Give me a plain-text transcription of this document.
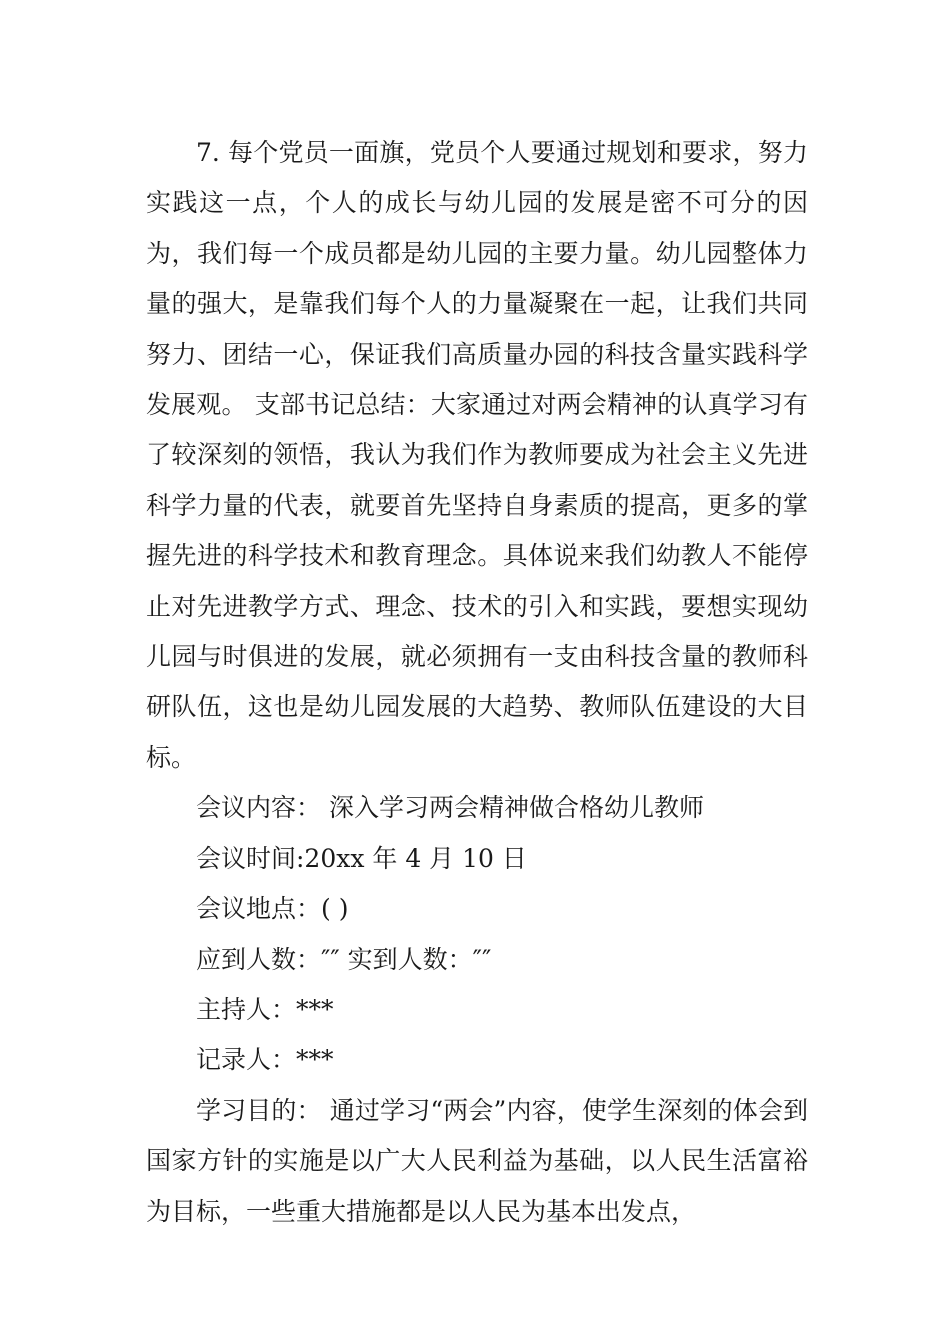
7. 每个党员一面旗，党员个人要通过规划和要求，努力实践这一点，个人的成长与幼儿园的发展是密不可分的因为，我们每一个成员都是幼儿园的主要力量。幼儿园整体力量的强大，是靠我们每个人的力量凝聚在一起，让我们共同努力、团结一心，保证我们高质量办园的科技含量实践科学发展观。 支部书记总结：大家通过对两会精神的认真学习有了较深刻的领悟，我认为我们作为教师要成为社会主义先进科学力量的代表，就要首先坚持自身素质的提高，更多的掌握先进的科学技术和教育理念。具体说来我们幼教人不能停止对先进教学方式、理念、技术的引入和实践，要想实现幼儿园与时俱进的发展，就必须拥有一支由科技含量的教师科研队伍，这也是幼儿园发展的大趋势、教师队伍建设的大目标。

会议内容： 深入学习两会精神做合格幼儿教师

会议时间:20xx 年 4 月 10 日

会议地点：( )

应到人数：″″ 实到人数：″″

主持人：***

记录人：***

学习目的： 通过学习“两会”内容，使学生深刻的体会到国家方针的实施是以广大人民利益为基础，以人民生活富裕为目标，一些重大措施都是以人民为基本出发点，
